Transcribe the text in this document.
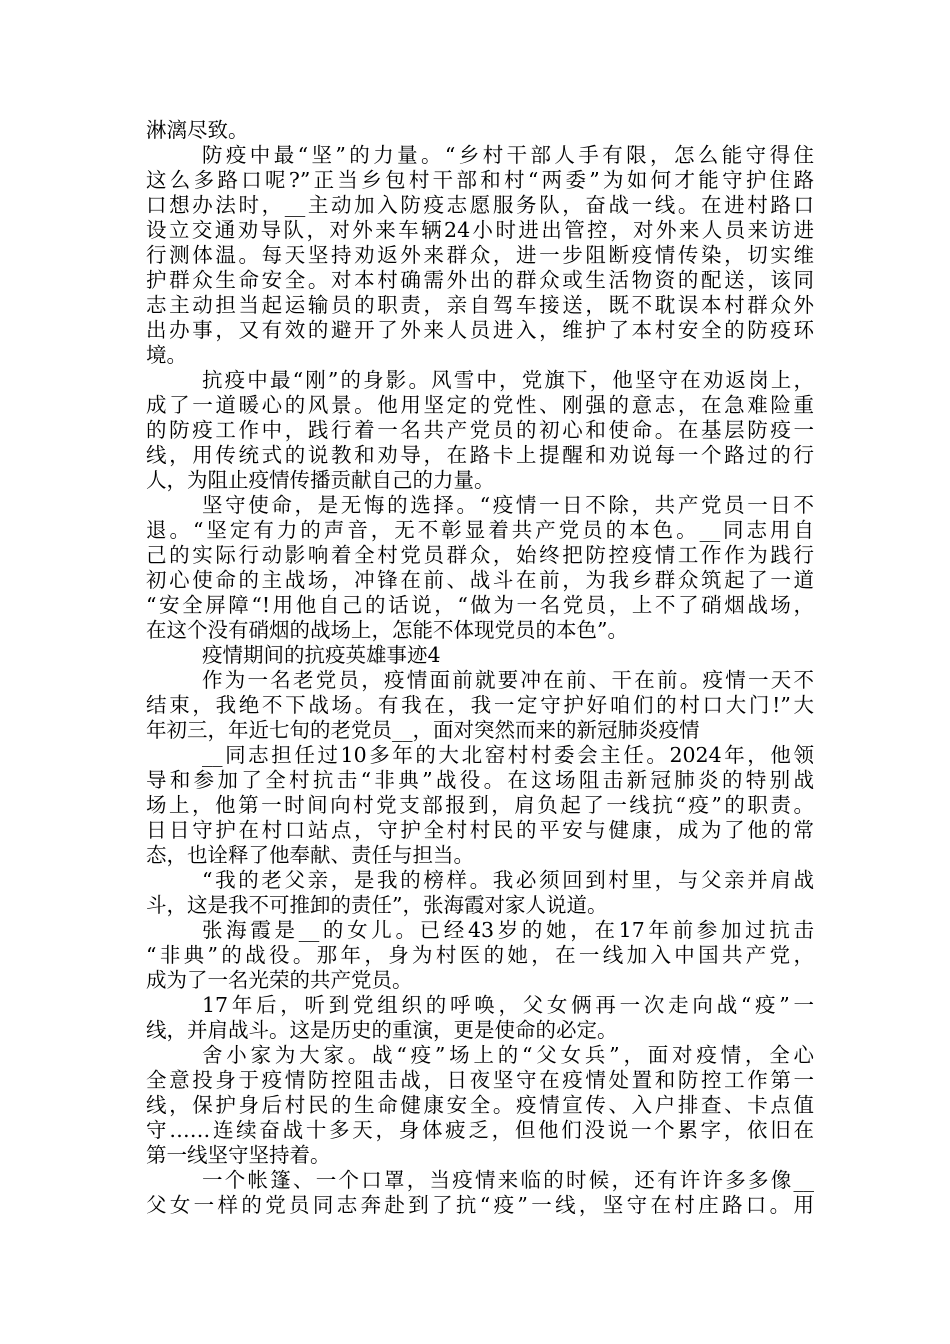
淋漓尽致。
防疫中最“坚”的力量。“乡村干部人手有限，怎么能守得住
这么多路口呢?”正当乡包村干部和村“两委”为如何才能守护住路
口想办法时，__主动加入防疫志愿服务队，奋战一线。在进村路口
设立交通劝导队，对外来车辆24小时进出管控，对外来人员来访进
行测体温。每天坚持劝返外来群众，进一步阻断疫情传染，切实维
护群众生命安全。对本村确需外出的群众或生活物资的配送，该同
志主动担当起运输员的职责，亲自驾车接送，既不耽误本村群众外
出办事，又有效的避开了外来人员进入，维护了本村安全的防疫环
境。
抗疫中最“刚”的身影。风雪中，党旗下，他坚守在劝返岗上，
成了一道暖心的风景。他用坚定的党性、刚强的意志，在急难险重
的防疫工作中，践行着一名共产党员的初心和使命。在基层防疫一
线，用传统式的说教和劝导，在路卡上提醒和劝说每一个路过的行
人，为阻止疫情传播贡献自己的力量。
坚守使命，是无悔的选择。“疫情一日不除，共产党员一日不
退。“坚定有力的声音，无不彰显着共产党员的本色。__同志用自
己的实际行动影响着全村党员群众，始终把防控疫情工作作为践行
初心使命的主战场，冲锋在前、战斗在前，为我乡群众筑起了一道
“安全屏障“!用他自己的话说，“做为一名党员，上不了硝烟战场，
在这个没有硝烟的战场上，怎能不体现党员的本色”。
疫情期间的抗疫英雄事迹4
作为一名老党员，疫情面前就要冲在前、干在前。疫情一天不
结束，我绝不下战场。有我在，我一定守护好咱们的村口大门!”大
年初三，年近七旬的老党员__，面对突然而来的新冠肺炎疫情
__同志担任过10多年的大北窑村村委会主任。2024年，他领
导和参加了全村抗击“非典”战役。在这场阻击新冠肺炎的特别战
场上，他第一时间向村党支部报到，肩负起了一线抗“疫”的职责。
日日守护在村口站点，守护全村村民的平安与健康，成为了他的常
态，也诠释了他奉献、责任与担当。
“我的老父亲，是我的榜样。我必须回到村里，与父亲并肩战
斗，这是我不可推卸的责任”，张海霞对家人说道。
张海霞是__的女儿。已经43岁的她，在17年前参加过抗击
“非典”的战役。那年，身为村医的她，在一线加入中国共产党，
成为了一名光荣的共产党员。
17年后，听到党组织的呼唤，父女俩再一次走向战“疫”一
线，并肩战斗。这是历史的重演，更是使命的必定。
舍小家为大家。战“疫”场上的“父女兵”，面对疫情，全心
全意投身于疫情防控阻击战，日夜坚守在疫情处置和防控工作第一
线，保护身后村民的生命健康安全。疫情宣传、入户排查、卡点值
守……连续奋战十多天，身体疲乏，但他们没说一个累字，依旧在
第一线坚守坚持着。
一个帐篷、一个口罩，当疫情来临的时候，还有许许多多像__
父女一样的党员同志奔赴到了抗“疫”一线，坚守在村庄路口。用
